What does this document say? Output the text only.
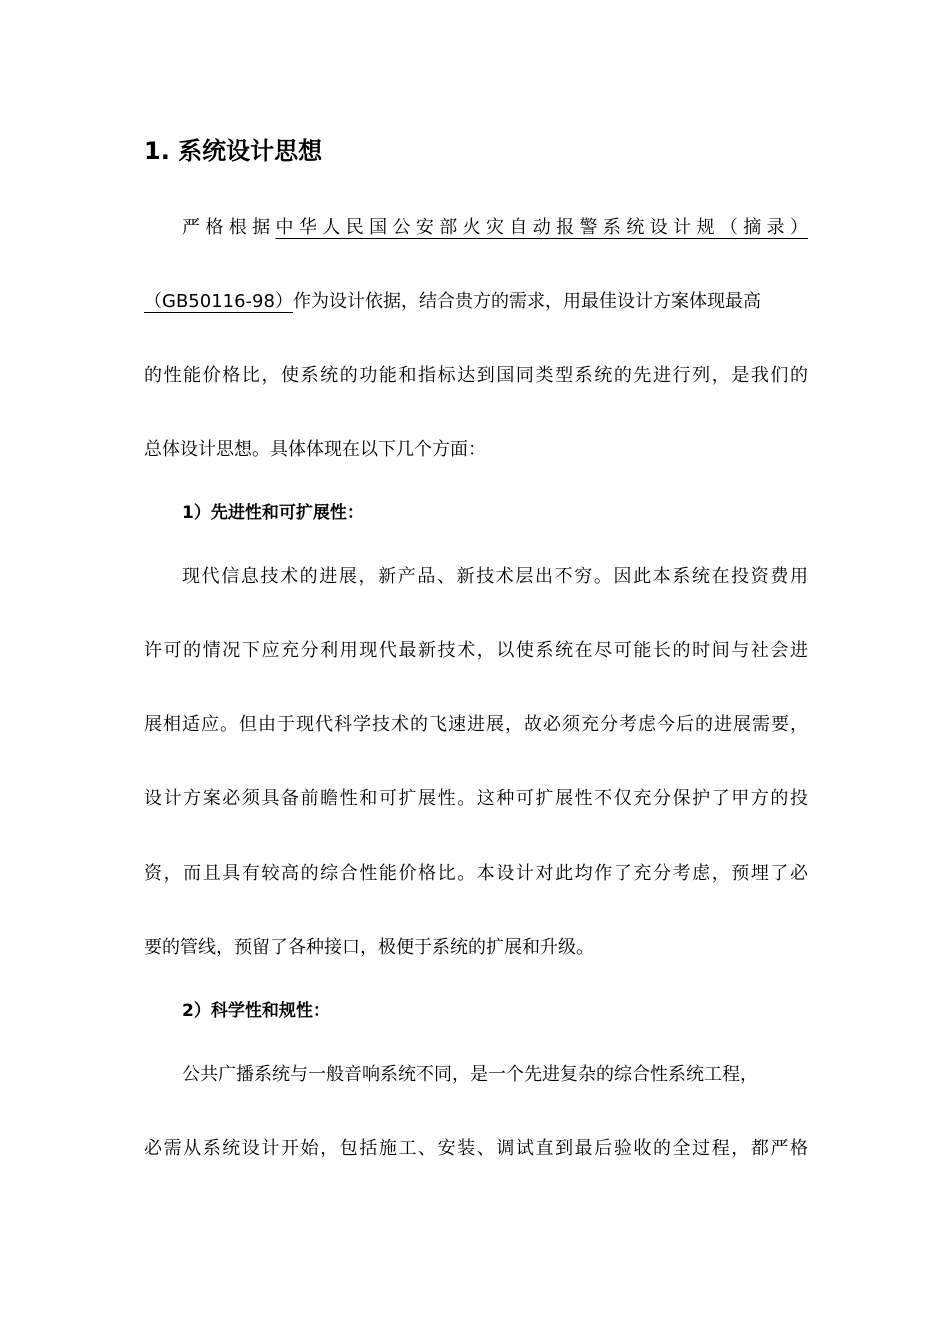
1. 系统设计思想
严格根据中华人民国公安部火灾自动报警系统设计规（摘录）
（GB50116-98）作为设计依据，结合贵方的需求，用最佳设计方案体现最高
的性能价格比，使系统的功能和指标达到国同类型系统的先进行列，是我们的
总体设计思想。具体体现在以下几个方面：
1）先进性和可扩展性：
现代信息技术的进展，新产品、新技术层出不穷。因此本系统在投资费用
许可的情况下应充分利用现代最新技术，以使系统在尽可能长的时间与社会进
展相适应。但由于现代科学技术的飞速进展，故必须充分考虑今后的进展需要，
设计方案必须具备前瞻性和可扩展性。这种可扩展性不仅充分保护了甲方的投
资，而且具有较高的综合性能价格比。本设计对此均作了充分考虑，预埋了必
要的管线，预留了各种接口，极便于系统的扩展和升级。
2）科学性和规性：
公共广播系统与一般音响系统不同，是一个先进复杂的综合性系统工程，
必需从系统设计开始，包括施工、安装、调试直到最后验收的全过程，都严格
